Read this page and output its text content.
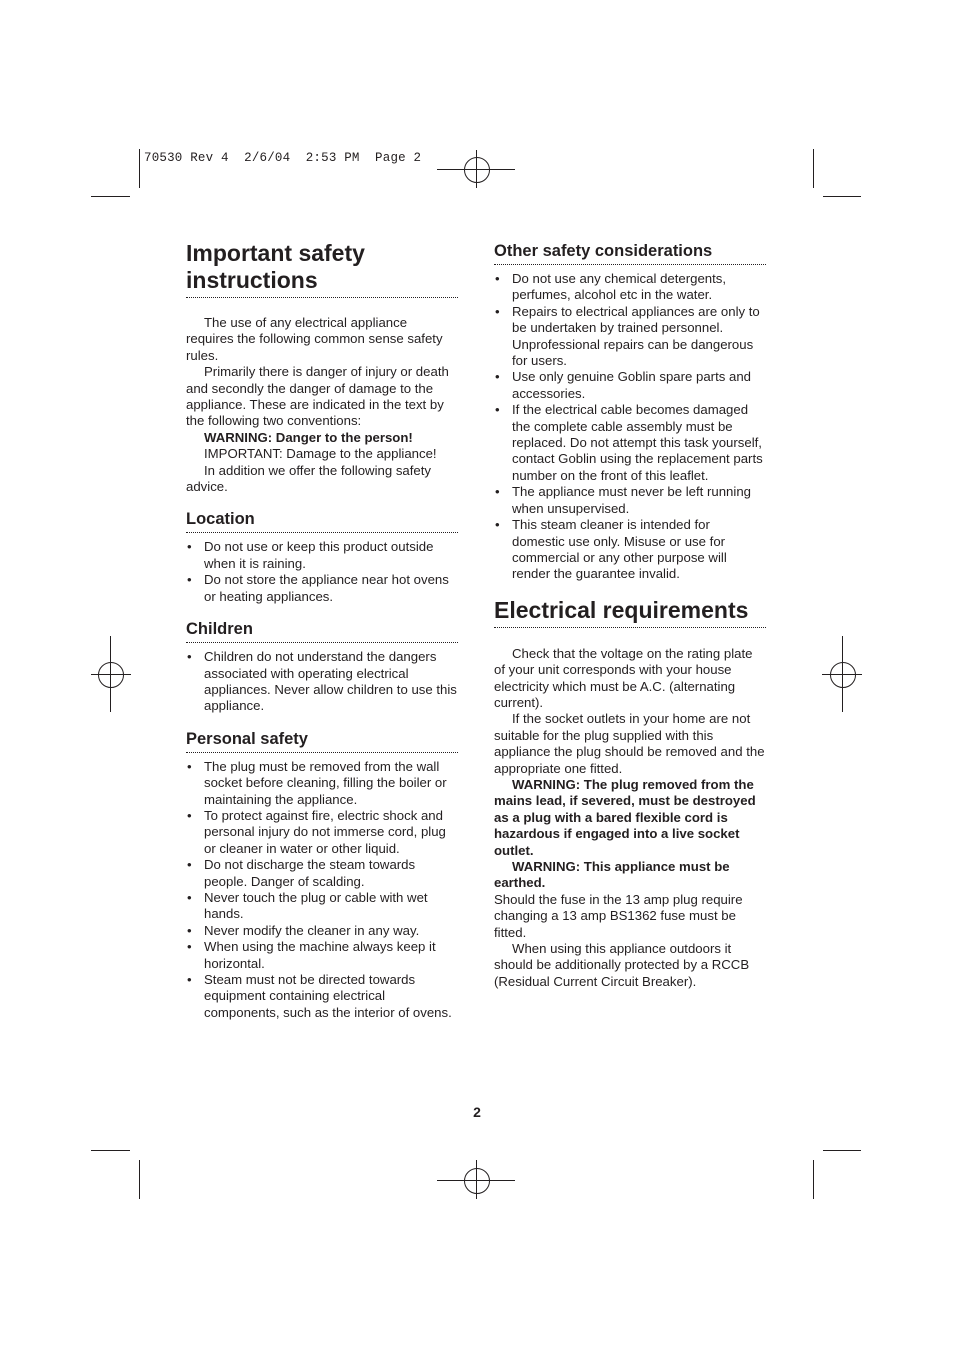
70530 Rev 4  2/6/04  2:53 PM  Page 2
Important safety instructions

The use of any electrical appliance requires the following common sense safety rules.

Primarily there is danger of injury or death and secondly the danger of damage to the appliance. These are indicated in the text by the following two conventions:

WARNING: Danger to the person!

IMPORTANT: Damage to the appliance!

In addition we offer the following safety advice.

Location
• Do not use or keep this product outside when it is raining.
• Do not store the appliance near hot ovens or heating appliances.
Children
• Children do not understand the dangers associated with operating electrical appliances. Never allow children to use this appliance.
Personal safety
• The plug must be removed from the wall socket before cleaning, filling the boiler or maintaining the appliance.
• To protect against fire, electric shock and personal injury do not immerse cord, plug or cleaner in water or other liquid.
• Do not discharge the steam towards people. Danger of scalding.
• Never touch the plug or cable with wet hands.
• Never modify the cleaner in any way.
• When using the machine always keep it horizontal.
• Steam must not be directed towards equipment containing electrical components, such as the interior of ovens.
Other safety considerations
• Do not use any chemical detergents, perfumes, alcohol etc in the water.
• Repairs to electrical appliances are only to be undertaken by trained personnel. Unprofessional repairs can be dangerous for users.
• Use only genuine Goblin spare parts and accessories.
• If the electrical cable becomes damaged the complete cable assembly must be replaced. Do not attempt this task yourself, contact Goblin using the replacement parts number on the front of this leaflet.
• The appliance must never be left running when unsupervised.
• This steam cleaner is intended for domestic use only. Misuse or use for commercial or any other purpose will render the guarantee invalid.
Electrical requirements

Check that the voltage on the rating plate of your unit corresponds with your house electricity which must be A.C. (alternating current).

If the socket outlets in your home are not suitable for the plug supplied with this appliance the plug should be removed and the appropriate one fitted.

WARNING: The plug removed from the mains lead, if severed, must be destroyed as a plug with a bared flexible cord is hazardous if engaged into a live socket outlet.

WARNING: This appliance must be earthed.

Should the fuse in the 13 amp plug require changing a 13 amp BS1362 fuse must be fitted.

When using this appliance outdoors it should be additionally protected by a RCCB (Residual Current Circuit Breaker).

2
